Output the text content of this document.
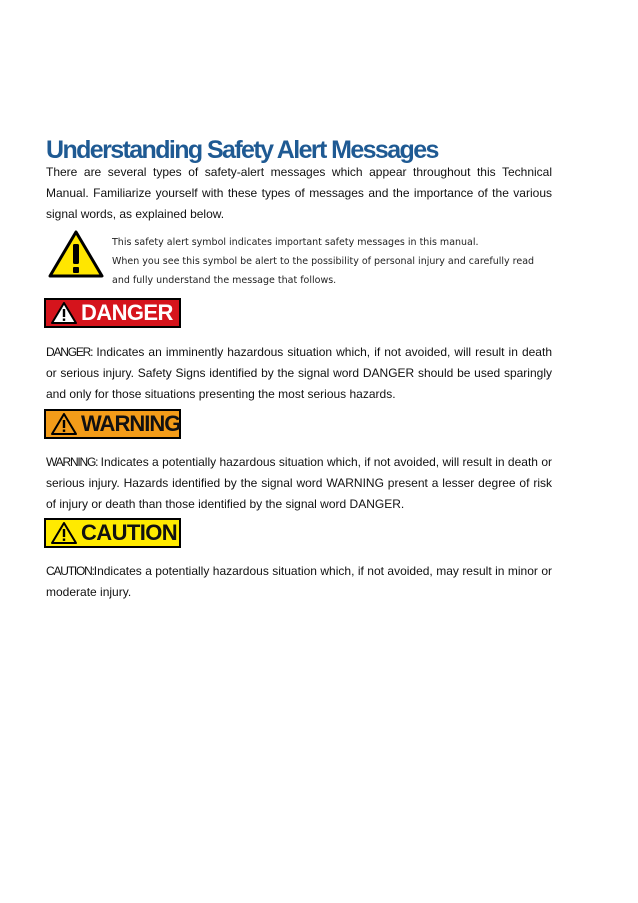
Understanding Safety Alert Messages
There are several types of safety-alert messages which appear throughout this Technical Manual. Familiarize yourself with these types of messages and the importance of the various signal words, as explained below.
This safety alert symbol indicates important safety messages in this manual.
When you see this symbol be alert to the possibility of personal injury and carefully read and fully understand the message that follows.
DANGER
DANGER: Indicates an imminently hazardous situation which, if not avoided, will result in death or serious injury. Safety Signs identified by the signal word DANGER should be used sparingly and only for those situations presenting the most serious hazards.
WARNING
WARNING: Indicates a potentially hazardous situation which, if not avoided, will result in death or serious injury. Hazards identified by the signal word WARNING present a lesser degree of risk of injury or death than those identified by the signal word DANGER.
CAUTION
CAUTION:Indicates a potentially hazardous situation which, if not avoided, may result in minor or moderate injury.
